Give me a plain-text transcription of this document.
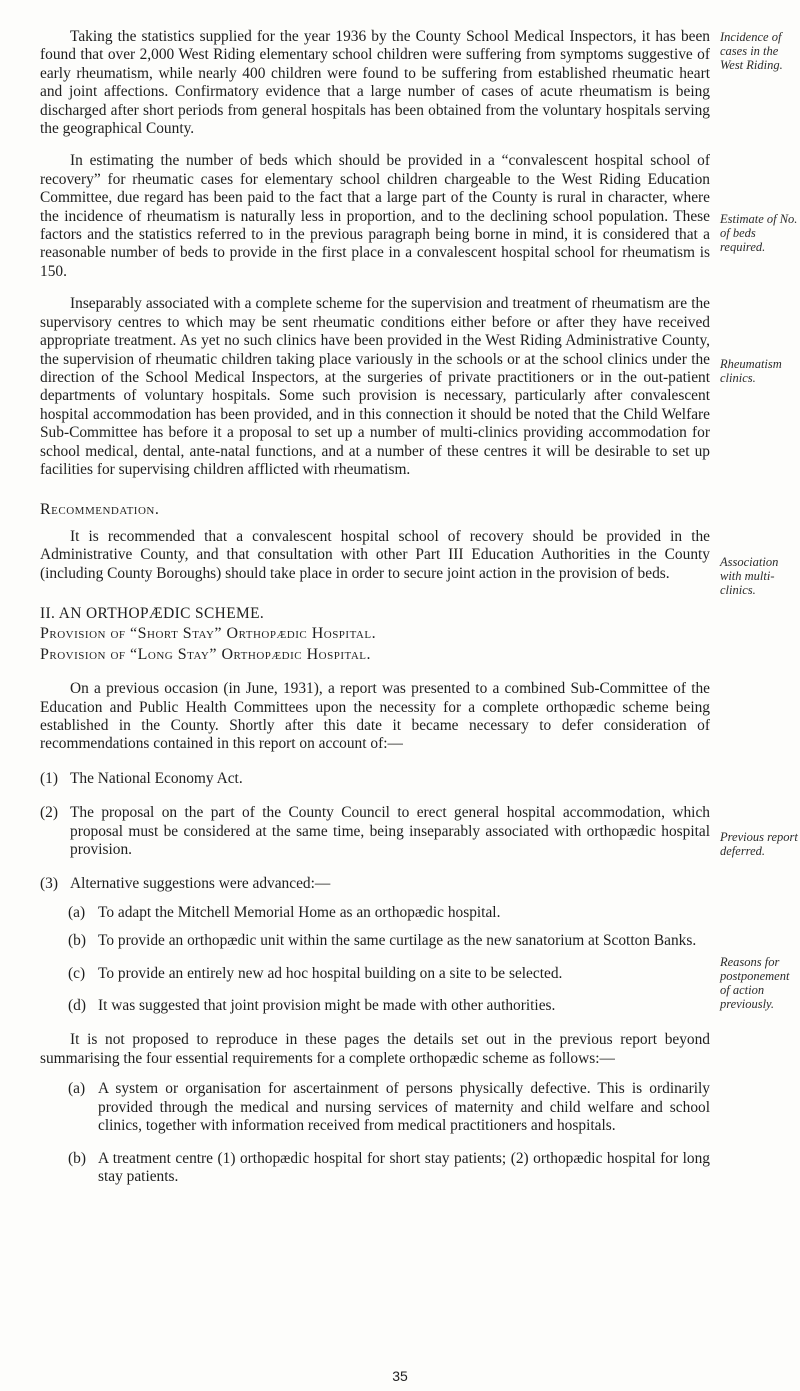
Taking the statistics supplied for the year 1936 by the County School Medical Inspectors, it has been found that over 2,000 West Riding elementary school children were suffering from symptoms suggestive of early rheumatism, while nearly 400 children were found to be suffering from established rheumatic heart and joint affections. Confirmatory evidence that a large number of cases of acute rheumatism is being discharged after short periods from general hospitals has been obtained from the voluntary hospitals serving the geographical County.

In estimating the number of beds which should be provided in a “convalescent hospital school of recovery” for rheumatic cases for elementary school children chargeable to the West Riding Education Committee, due regard has been paid to the fact that a large part of the County is rural in character, where the incidence of rheumatism is naturally less in proportion, and to the declining school population. These factors and the statistics referred to in the previous paragraph being borne in mind, it is considered that a reasonable number of beds to provide in the first place in a convalescent hospital school for rheumatism is 150.

Inseparably associated with a complete scheme for the supervision and treatment of rheumatism are the supervisory centres to which may be sent rheumatic conditions either before or after they have received appropriate treatment. As yet no such clinics have been provided in the West Riding Administrative County, the supervision of rheumatic children taking place variously in the schools or at the school clinics under the direction of the School Medical Inspectors, at the surgeries of private practitioners or in the out-patient departments of voluntary hospitals. Some such provision is necessary, particularly after convalescent hospital accommodation has been provided, and in this connection it should be noted that the Child Welfare Sub-Committee has before it a proposal to set up a number of multi-clinics providing accommodation for school medical, dental, ante-natal functions, and at a number of these centres it will be desirable to set up facilities for supervising children afflicted with rheumatism.

Recommendation.

It is recommended that a convalescent hospital school of recovery should be provided in the Administrative County, and that consultation with other Part III Education Authorities in the County (including County Boroughs) should take place in order to secure joint action in the provision of beds.

II. AN ORTHOPÆDIC SCHEME.

Provision of “Short Stay” Orthopædic Hospital.

Provision of “Long Stay” Orthopædic Hospital.

On a previous occasion (in June, 1931), a report was presented to a combined Sub-Committee of the Education and Public Health Committees upon the necessity for a complete orthopædic scheme being established in the County. Shortly after this date it became necessary to defer consideration of recommendations contained in this report on account of:—

(1) The National Economy Act.
(2) The proposal on the part of the County Council to erect general hospital accommodation, which proposal must be considered at the same time, being inseparably associated with orthopædic hospital provision.
(3) Alternative suggestions were advanced:—
(a) To adapt the Mitchell Memorial Home as an orthopædic hospital.
(b) To provide an orthopædic unit within the same curtilage as the new sanatorium at Scotton Banks.
(c) To provide an entirely new ad hoc hospital building on a site to be selected.
(d) It was suggested that joint provision might be made with other authorities.

It is not proposed to reproduce in these pages the details set out in the previous report beyond summarising the four essential requirements for a complete orthopædic scheme as follows:—

(a) A system or organisation for ascertainment of persons physically defective. This is ordinarily provided through the medical and nursing services of maternity and child welfare and school clinics, together with information received from medical practitioners and hospitals.
(b) A treatment centre (1) orthopædic hospital for short stay patients; (2) orthopædic hospital for long stay patients.
Incidence of cases in the West Riding.
Estimate of No. of beds required.
Rheumatism clinics.
Association with multi-clinics.
Previous report deferred.
Reasons for postponement of action previously.
35
